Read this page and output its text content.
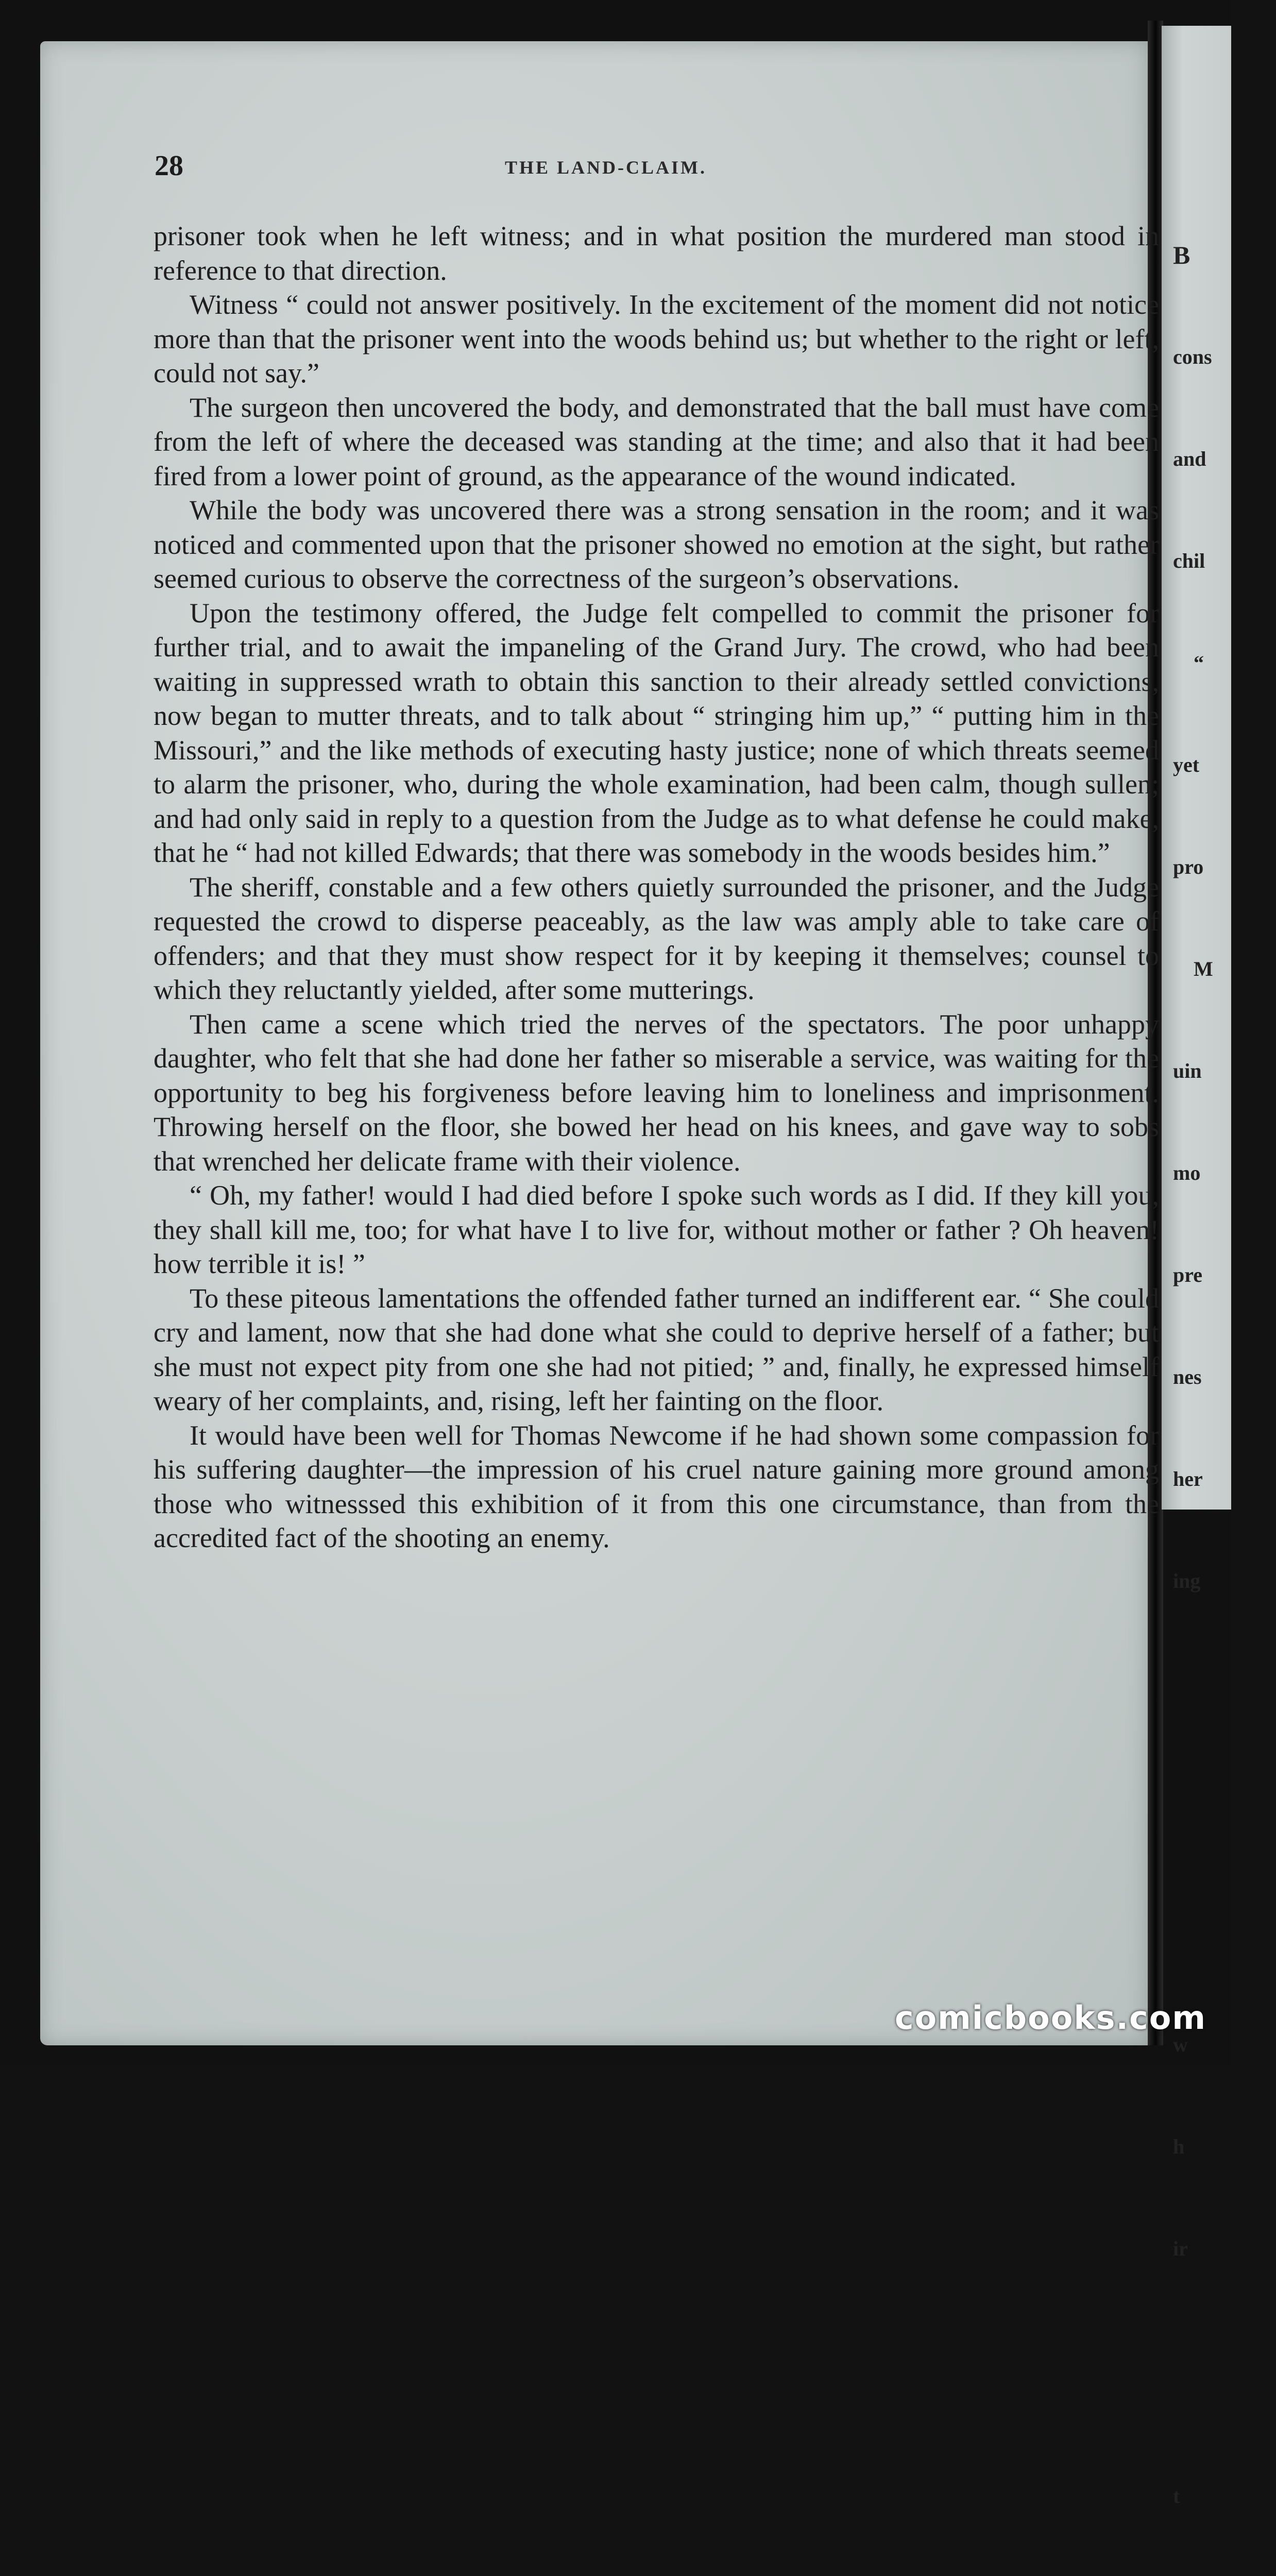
B

cons

and

chil

“

yet

pro

M

uin

mo

pre

nes

her

ing

w

h

ir

t

28	THE LAND-CLAIM.

prisoner took when he left witness; and in what position the murdered man stood in reference to that direction.

Witness “ could not answer positively. In the excitement of the moment did not notice more than that the prisoner went into the woods behind us; but whether to the right or left, could not say.”

The surgeon then uncovered the body, and demonstrated that the ball must have come from the left of where the deceased was standing at the time; and also that it had been fired from a lower point of ground, as the appearance of the wound indicated.

While the body was uncovered there was a strong sensation in the room; and it was noticed and commented upon that the prisoner showed no emotion at the sight, but rather seemed curious to observe the correctness of the surgeon’s observations.

Upon the testimony offered, the Judge felt compelled to commit the prisoner for further trial, and to await the impaneling of the Grand Jury. The crowd, who had been waiting in suppressed wrath to obtain this sanction to their already settled convictions, now began to mutter threats, and to talk about “ stringing him up,” “ putting him in the Missouri,” and the like methods of executing hasty justice; none of which threats seemed to alarm the prisoner, who, during the whole examination, had been calm, though sullen; and had only said in reply to a question from the Judge as to what defense he could make, that he “ had not killed Edwards; that there was somebody in the woods besides him.”

The sheriff, constable and a few others quietly surrounded the prisoner, and the Judge requested the crowd to disperse peaceably, as the law was amply able to take care of offenders; and that they must show respect for it by keeping it themselves; counsel to which they reluctantly yielded, after some mutterings.

Then came a scene which tried the nerves of the spectators. The poor unhappy daughter, who felt that she had done her father so miserable a service, was waiting for the opportunity to beg his forgiveness before leaving him to loneliness and imprisonment. Throwing herself on the floor, she bowed her head on his knees, and gave way to sobs that wrenched her delicate frame with their violence.

“ Oh, my father! would I had died before I spoke such words as I did. If they kill you, they shall kill me, too; for what have I to live for, without mother or father ? Oh heaven! how terrible it is! ”

To these piteous lamentations the offended father turned an indifferent ear. “ She could cry and lament, now that she had done what she could to deprive herself of a father; but she must not expect pity from one she had not pitied; ” and, finally, he expressed himself weary of her complaints, and, rising, left her fainting on the floor.

It would have been well for Thomas Newcome if he had shown some compassion for his suffering daughter—the impression of his cruel nature gaining more ground among those who witnesssed this exhibition of it from this one circumstance, than from the accredited fact of the shooting an enemy.

comicbooks.com
